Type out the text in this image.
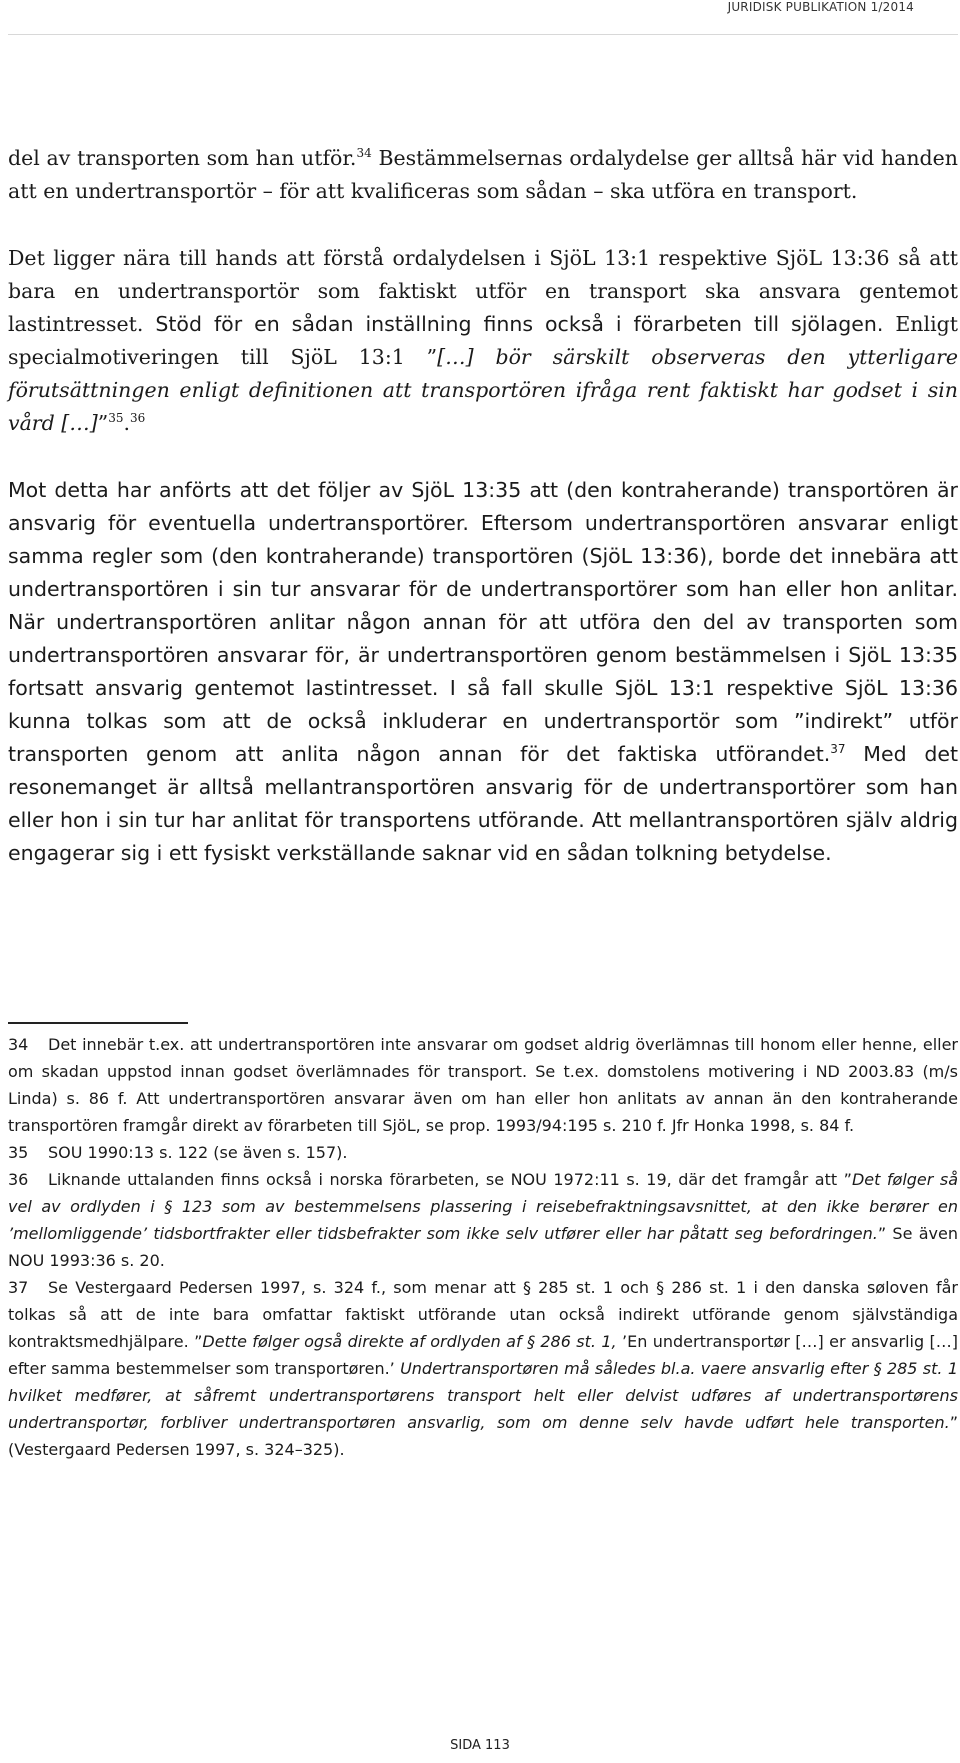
JURIDISK PUBLIKATION 1/2014

del av transporten som han utför.$^{34}$ Bestämmelsernas ordalydelse ger alltså här vid handen att en undertransportör – för att kvalificeras som sådan – ska utföra en transport.

Det ligger nära till hands att förstå ordalydelsen i SjöL 13:1 respektive SjöL 13:36 så att bara en undertransportör som faktiskt utför en transport ska ansvara gentemot lastintresset. Stöd för en sådan inställning finns också i förarbeten till sjölagen. Enligt specialmotiveringen till SjöL 13:1 ”[…] bör särskilt observeras den ytterligare förutsättningen enligt definitionen att transportören ifråga rent faktiskt har godset i sin vård […]”$^{35}$.$^{36}$

Mot detta har anförts att det följer av SjöL 13:35 att (den kontraherande) transportören är ansvarig för eventuella undertransportörer. Eftersom undertransportören ansvarar enligt samma regler som (den kontraherande) transportören (SjöL 13:36), borde det innebära att undertransportören i sin tur ansvarar för de undertransportörer som han eller hon anlitar. När undertransportören anlitar någon annan för att utföra den del av transporten som undertransportören ansvarar för, är undertransportören genom bestämmelsen i SjöL 13:35 fortsatt ansvarig gentemot lastintresset. I så fall skulle SjöL 13:1 respektive SjöL 13:36 kunna tolkas som att de också inkluderar en undertransportör som ”indirekt” utför transporten genom att anlita någon annan för det faktiska utförandet.$^{37}$ Med det resonemanget är alltså mellantransportören ansvarig för de undertransportörer som han eller hon i sin tur har anlitat för transportens utförande. Att mellantransportören själv aldrig engagerar sig i ett fysiskt verkställande saknar vid en sådan tolkning betydelse.

34 Det innebär t.ex. att undertransportören inte ansvarar om godset aldrig överlämnas till honom eller henne, eller om skadan uppstod innan godset överlämnades för transport. Se t.ex. domstolens motivering i ND 2003.83 (m/s Linda) s. 86 f. Att undertransportören ansvarar även om han eller hon anlitats av annan än den kontraherande transportören framgår direkt av förarbeten till SjöL, se prop. 1993/94:195 s. 210 f. Jfr Honka 1998, s. 84 f.

35 SOU 1990:13 s. 122 (se även s. 157).

36 Liknande uttalanden finns också i norska förarbeten, se NOU 1972:11 s. 19, där det framgår att ”Det følger så vel av ordlyden i § 123 som av bestemmelsens plassering i reisebefraktningsavsnittet, at den ikke berører en ’mellomliggende’ tidsbortfrakter eller tidsbefrakter som ikke selv utfører eller har påtatt seg befordringen.” Se även NOU 1993:36 s. 20.

37 Se Vestergaard Pedersen 1997, s. 324 f., som menar att § 285 st. 1 och § 286 st. 1 i den danska søloven får tolkas så att de inte bara omfattar faktiskt utförande utan också indirekt utförande genom självständiga kontraktsmedhjälpare. ”Dette følger også direkte af ordlyden af § 286 st. 1, ’En undertransportør […] er ansvarlig […] efter samma bestemmelser som transportøren.’ Undertransportøren må således bl.a. vaere ansvarlig efter § 285 st. 1 hvilket medfører, at såfremt undertransportørens transport helt eller delvist udføres af undertransportørens undertransportør, forbliver undertransportøren ansvarlig, som om denne selv havde udført hele transporten.” (Vestergaard Pedersen 1997, s. 324–325).

SIDA 113
